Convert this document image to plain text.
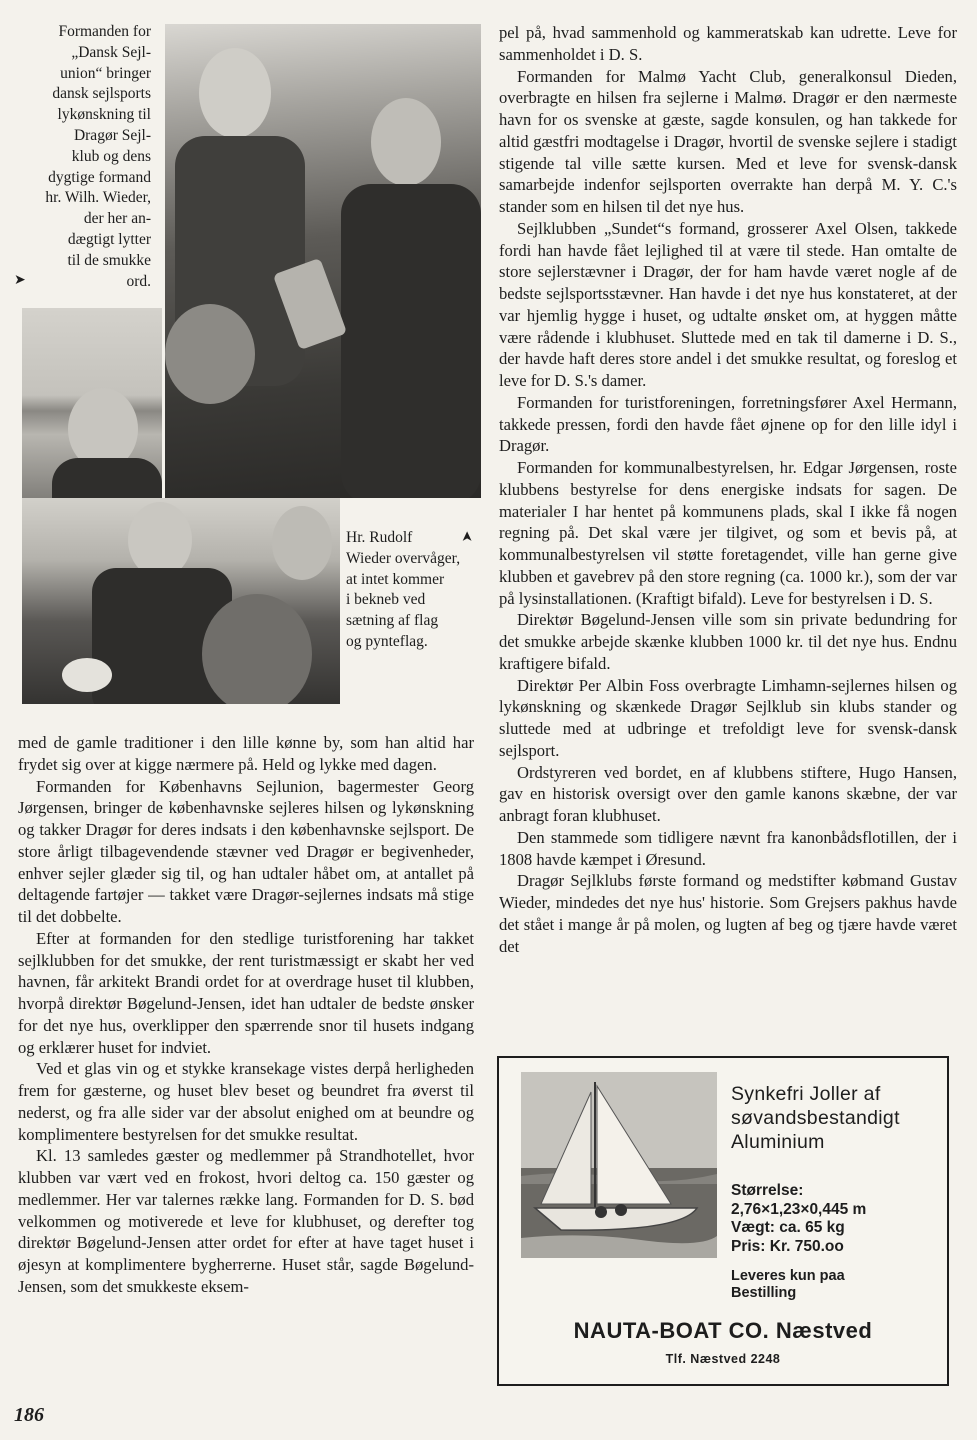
Formanden for
„Dansk Sejl-
union“ bringer
dansk sejlsports
lykønskning til
Dragør Sejl-
klub og dens
dygtige formand
hr. Wilh. Wieder,
der her an-
dægtigt lytter
til de smukke
ord.
➤
Hr. Rudolf
Wieder overvåger,
at intet kommer
i bekneb ved
sætning af flag
og pynteflag.
➤

med de gamle traditioner i den lille kønne by, som han altid har frydet sig over at kigge nærmere på. Held og lykke med dagen.

Formanden for Københavns Sejlunion, bagermester Georg Jørgensen, bringer de københavnske sejleres hilsen og lykønskning og takker Dragør for deres indsats i den københavnske sejlsport. De store årligt tilbagevendende stævner ved Dragør er begivenheder, enhver sejler glæder sig til, og han udtaler håbet om, at antallet på deltagende fartøjer — takket være Dragør-sejlernes indsats må stige til det dobbelte.

Efter at formanden for den stedlige turistforening har takket sejlklubben for det smukke, der rent turistmæssigt er skabt her ved havnen, får arkitekt Brandi ordet for at overdrage huset til klubben, hvorpå direktør Bøgelund-Jensen, idet han udtaler de bedste ønsker for det nye hus, overklipper den spærrende snor til husets indgang og erklærer huset for indviet.

Ved et glas vin og et stykke kransekage vistes derpå herligheden frem for gæsterne, og huset blev beset og beundret fra øverst til nederst, og fra alle sider var der absolut enighed om at beundre og komplimentere bestyrelsen for det smukke resultat.

Kl. 13 samledes gæster og medlemmer på Strandhotellet, hvor klubben var vært ved en frokost, hvori deltog ca. 150 gæster og medlemmer. Her var talernes række lang. Formanden for D. S. bød velkommen og motiverede et leve for klubhuset, og derefter tog direktør Bøgelund-Jensen atter ordet for efter at have taget huset i øjesyn at komplimentere bygherrerne. Huset står, sagde Bøgelund-Jensen, som det smukkeste eksem-

pel på, hvad sammenhold og kammeratskab kan udrette. Leve for sammenholdet i D. S.

Formanden for Malmø Yacht Club, generalkonsul Dieden, overbragte en hilsen fra sejlerne i Malmø. Dragør er den nærmeste havn for os svenske at gæste, sagde konsulen, og han takkede for altid gæstfri modtagelse i Dragør, hvortil de svenske sejlere i stadigt stigende tal ville sætte kursen. Med et leve for svensk-dansk samarbejde indenfor sejlsporten overrakte han derpå M. Y. C.'s stander som en hilsen til det nye hus.

Sejlklubben „Sundet“s formand, grosserer Axel Olsen, takkede fordi han havde fået lejlighed til at være til stede. Han omtalte de store sejlerstævner i Dragør, der for ham havde været nogle af de bedste sejlsportsstævner. Han havde i det nye hus konstateret, at der var hjemlig hygge i huset, og udtalte ønsket om, at hyggen måtte være rådende i klubhuset. Sluttede med en tak til damerne i D. S., der havde haft deres store andel i det smukke resultat, og foreslog et leve for D. S.'s damer.

Formanden for turistforeningen, forretningsfører Axel Hermann, takkede pressen, fordi den havde fået øjnene op for den lille idyl i Dragør.

Formanden for kommunalbestyrelsen, hr. Edgar Jørgensen, roste klubbens bestyrelse for dens energiske indsats for sagen. De materialer I har hentet på kommunens plads, skal I ikke få nogen regning på. Det skal være jer tilgivet, og som et bevis på, at kommunalbestyrelsen vil støtte foretagendet, ville han gerne give klubben et gavebrev på den store regning (ca. 1000 kr.), som der var på lysinstallationen. (Kraftigt bifald). Leve for bestyrelsen i D. S.

Direktør Bøgelund-Jensen ville som sin private bedundring for det smukke arbejde skænke klubben 1000 kr. til det nye hus. Endnu kraftigere bifald.

Direktør Per Albin Foss overbragte Limhamn-sejlernes hilsen og lykønskning og skænkede Dragør Sejlklub sin klubs stander og sluttede med at udbringe et trefoldigt leve for svensk-dansk sejlsport.

Ordstyreren ved bordet, en af klubbens stiftere, Hugo Hansen, gav en historisk oversigt over den gamle kanons skæbne, der var anbragt foran klubhuset.

Den stammede som tidligere nævnt fra kanonbådsflotillen, der i 1808 havde kæmpet i Øresund.

Dragør Sejlklubs første formand og medstifter købmand Gustav Wieder, mindedes det nye hus' historie. Som Grejsers pakhus havde det stået i mange år på molen, og lugten af beg og tjære havde været det

Synkefri Joller af
søvandsbestandigt
Aluminium
Størrelse:
2,76×1,23×0,445 m
Vægt: ca. 65 kg
Pris: Kr. 750.oo
Leveres kun paa
Bestilling
NAUTA-BOAT CO. Næstved
Tlf. Næstved 2248
186
